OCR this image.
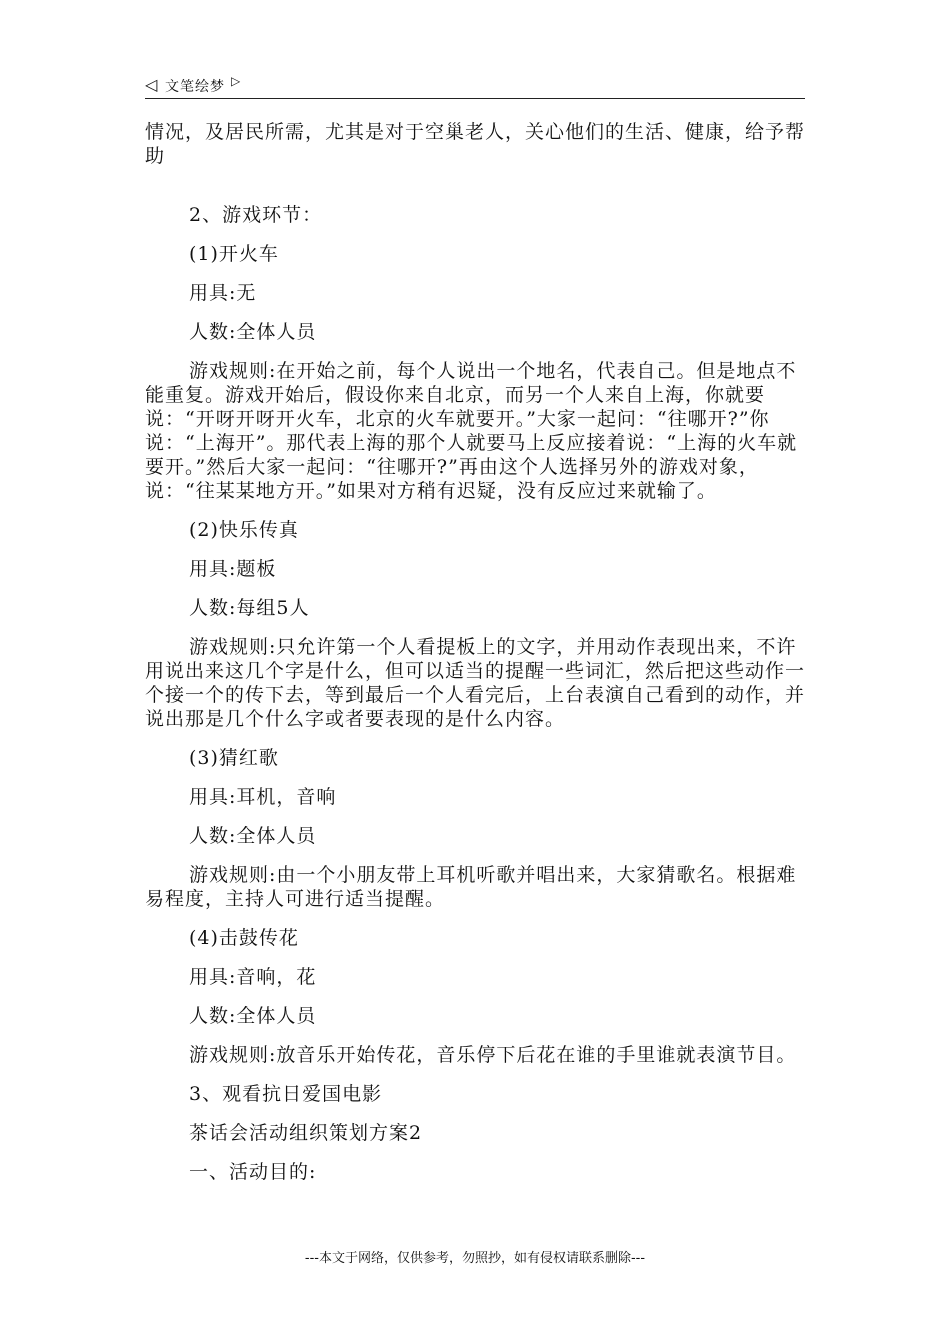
◁ 文笔绘梦 ▷

情况，及居民所需，尤其是对于空巢老人，关心他们的生活、健康，给予帮助

2、游戏环节：

(1)开火车

用具:无

人数:全体人员

游戏规则:在开始之前，每个人说出一个地名，代表自己。但是地点不能重复。游戏开始后，假设你来自北京，而另一个人来自上海，你就要说：“开呀开呀开火车，北京的火车就要开。”大家一起问：“往哪开?”你说：“上海开”。那代表上海的那个人就要马上反应接着说：“上海的火车就要开。”然后大家一起问：“往哪开?”再由这个人选择另外的游戏对象，说：“往某某地方开。”如果对方稍有迟疑，没有反应过来就输了。

(2)快乐传真

用具:题板

人数:每组5人

游戏规则:只允许第一个人看提板上的文字，并用动作表现出来，不许用说出来这几个字是什么，但可以适当的提醒一些词汇，然后把这些动作一个接一个的传下去，等到最后一个人看完后，上台表演自己看到的动作，并说出那是几个什么字或者要表现的是什么内容。

(3)猜红歌

用具:耳机，音响

人数:全体人员

游戏规则:由一个小朋友带上耳机听歌并唱出来，大家猜歌名。根据难易程度，主持人可进行适当提醒。

(4)击鼓传花

用具:音响，花

人数:全体人员

游戏规则:放音乐开始传花，音乐停下后花在谁的手里谁就表演节目。

3、观看抗日爱国电影

茶话会活动组织策划方案2

一、活动目的:

---本文于网络，仅供参考，勿照抄，如有侵权请联系删除---
